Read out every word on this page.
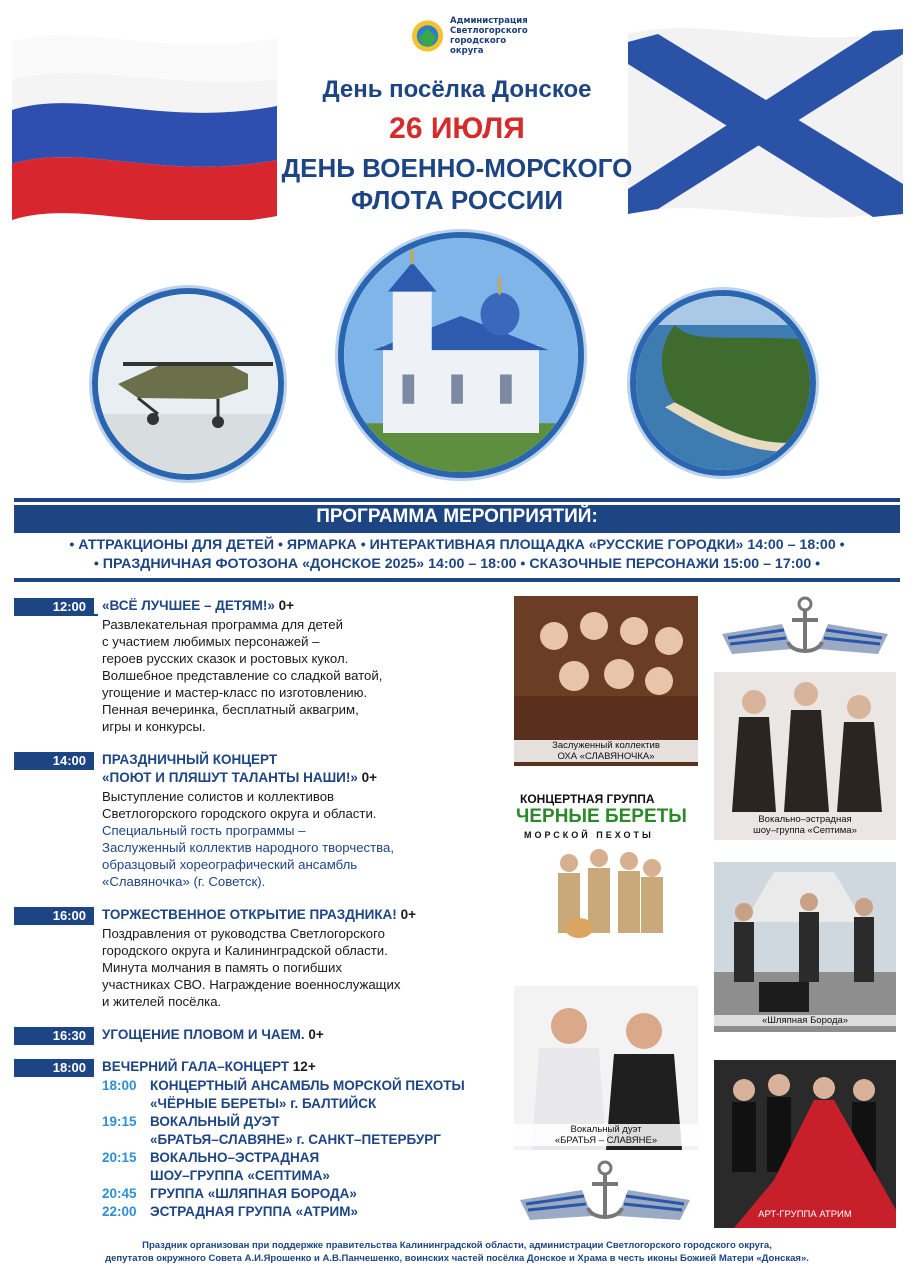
Администрация
Светлогорского
городского округа
День посёлка Донское
26 ИЮЛЯ
ДЕНЬ ВОЕННО-МОРСКОГО
ФЛОТА РОССИИ
ПРОГРАММА МЕРОПРИЯТИЙ:
• АТТРАКЦИОНЫ ДЛЯ ДЕТЕЙ • ЯРМАРКА • ИНТЕРАКТИВНАЯ ПЛОЩАДКА «РУССКИЕ ГОРОДКИ» 14:00 – 18:00 •
• ПРАЗДНИЧНАЯ ФОТОЗОНА «ДОНСКОЕ 2025» 14:00 – 18:00 • СКАЗОЧНЫЕ ПЕРСОНАЖИ 15:00 – 17:00 •
12:00	«ВСЁ ЛУЧШЕЕ – ДЕТЯМ!» 0+
Развлекательная программа для детей
с участием любимых персонажей –
героев русских сказок и ростовых кукол.
Волшебное представление со сладкой ватой,
угощение и мастер-класс по изготовлению.
Пенная вечеринка, бесплатный аквагрим,
игры и конкурсы.
14:00	ПРАЗДНИЧНЫЙ КОНЦЕРТ
«ПОЮТ И ПЛЯШУТ ТАЛАНТЫ НАШИ!» 0+
Выступление солистов и коллективов
Светлогорского городского округа и области.
Специальный гость программы –
Заслуженный коллектив народного творчества,
образцовый хореографический ансамбль
«Славяночка» (г. Советск).
16:00	ТОРЖЕСТВЕННОЕ ОТКРЫТИЕ ПРАЗДНИКА! 0+
Поздравления от руководства Светлогорского
городского округа и Калининградской области.
Минута молчания в память о погибших
участниках СВО. Награждение военнослужащих
и жителей посёлка.
16:30	УГОЩЕНИЕ ПЛОВОМ И ЧАЕМ. 0+
18:00	ВЕЧЕРНИЙ ГАЛА–КОНЦЕРТ 12+
18:00 КОНЦЕРТНЫЙ АНСАМБЛЬ МОРСКОЙ ПЕХОТЫ
«ЧЁРНЫЕ БЕРЕТЫ» г. БАЛТИЙСК
19:15 ВОКАЛЬНЫЙ ДУЭТ
«БРАТЬЯ–СЛАВЯНЕ» г. САНКТ–ПЕТЕРБУРГ
20:15 ВОКАЛЬНО–ЭСТРАДНАЯ
ШОУ–ГРУППА «СЕПТИМА»
20:45 ГРУППА «ШЛЯПНАЯ БОРОДА»
22:00 ЭСТРАДНАЯ ГРУППА «АТРИМ»
Заслуженный коллектив
ОХА «СЛАВЯНОЧКА»
Вокально–эстрадная
шоу–группа «Септима»
КОНЦЕРТНАЯ ГРУППА
ЧЕРНЫЕ БЕРЕТЫ
МОРСКОЙ ПЕХОТЫ
«Шляпная Борода»
Вокальный дуэт
«БРАТЬЯ – СЛАВЯНЕ»
АРТ-ГРУППА АТРИМ
Праздник организован при поддержке правительства Калининградской области, администрации Светлогорского городского округа,
депутатов окружного Совета А.И.Ярошенко и А.В.Панчешенко, воинских частей посёлка Донское и Храма в честь иконы Божией Матери «Донская».
